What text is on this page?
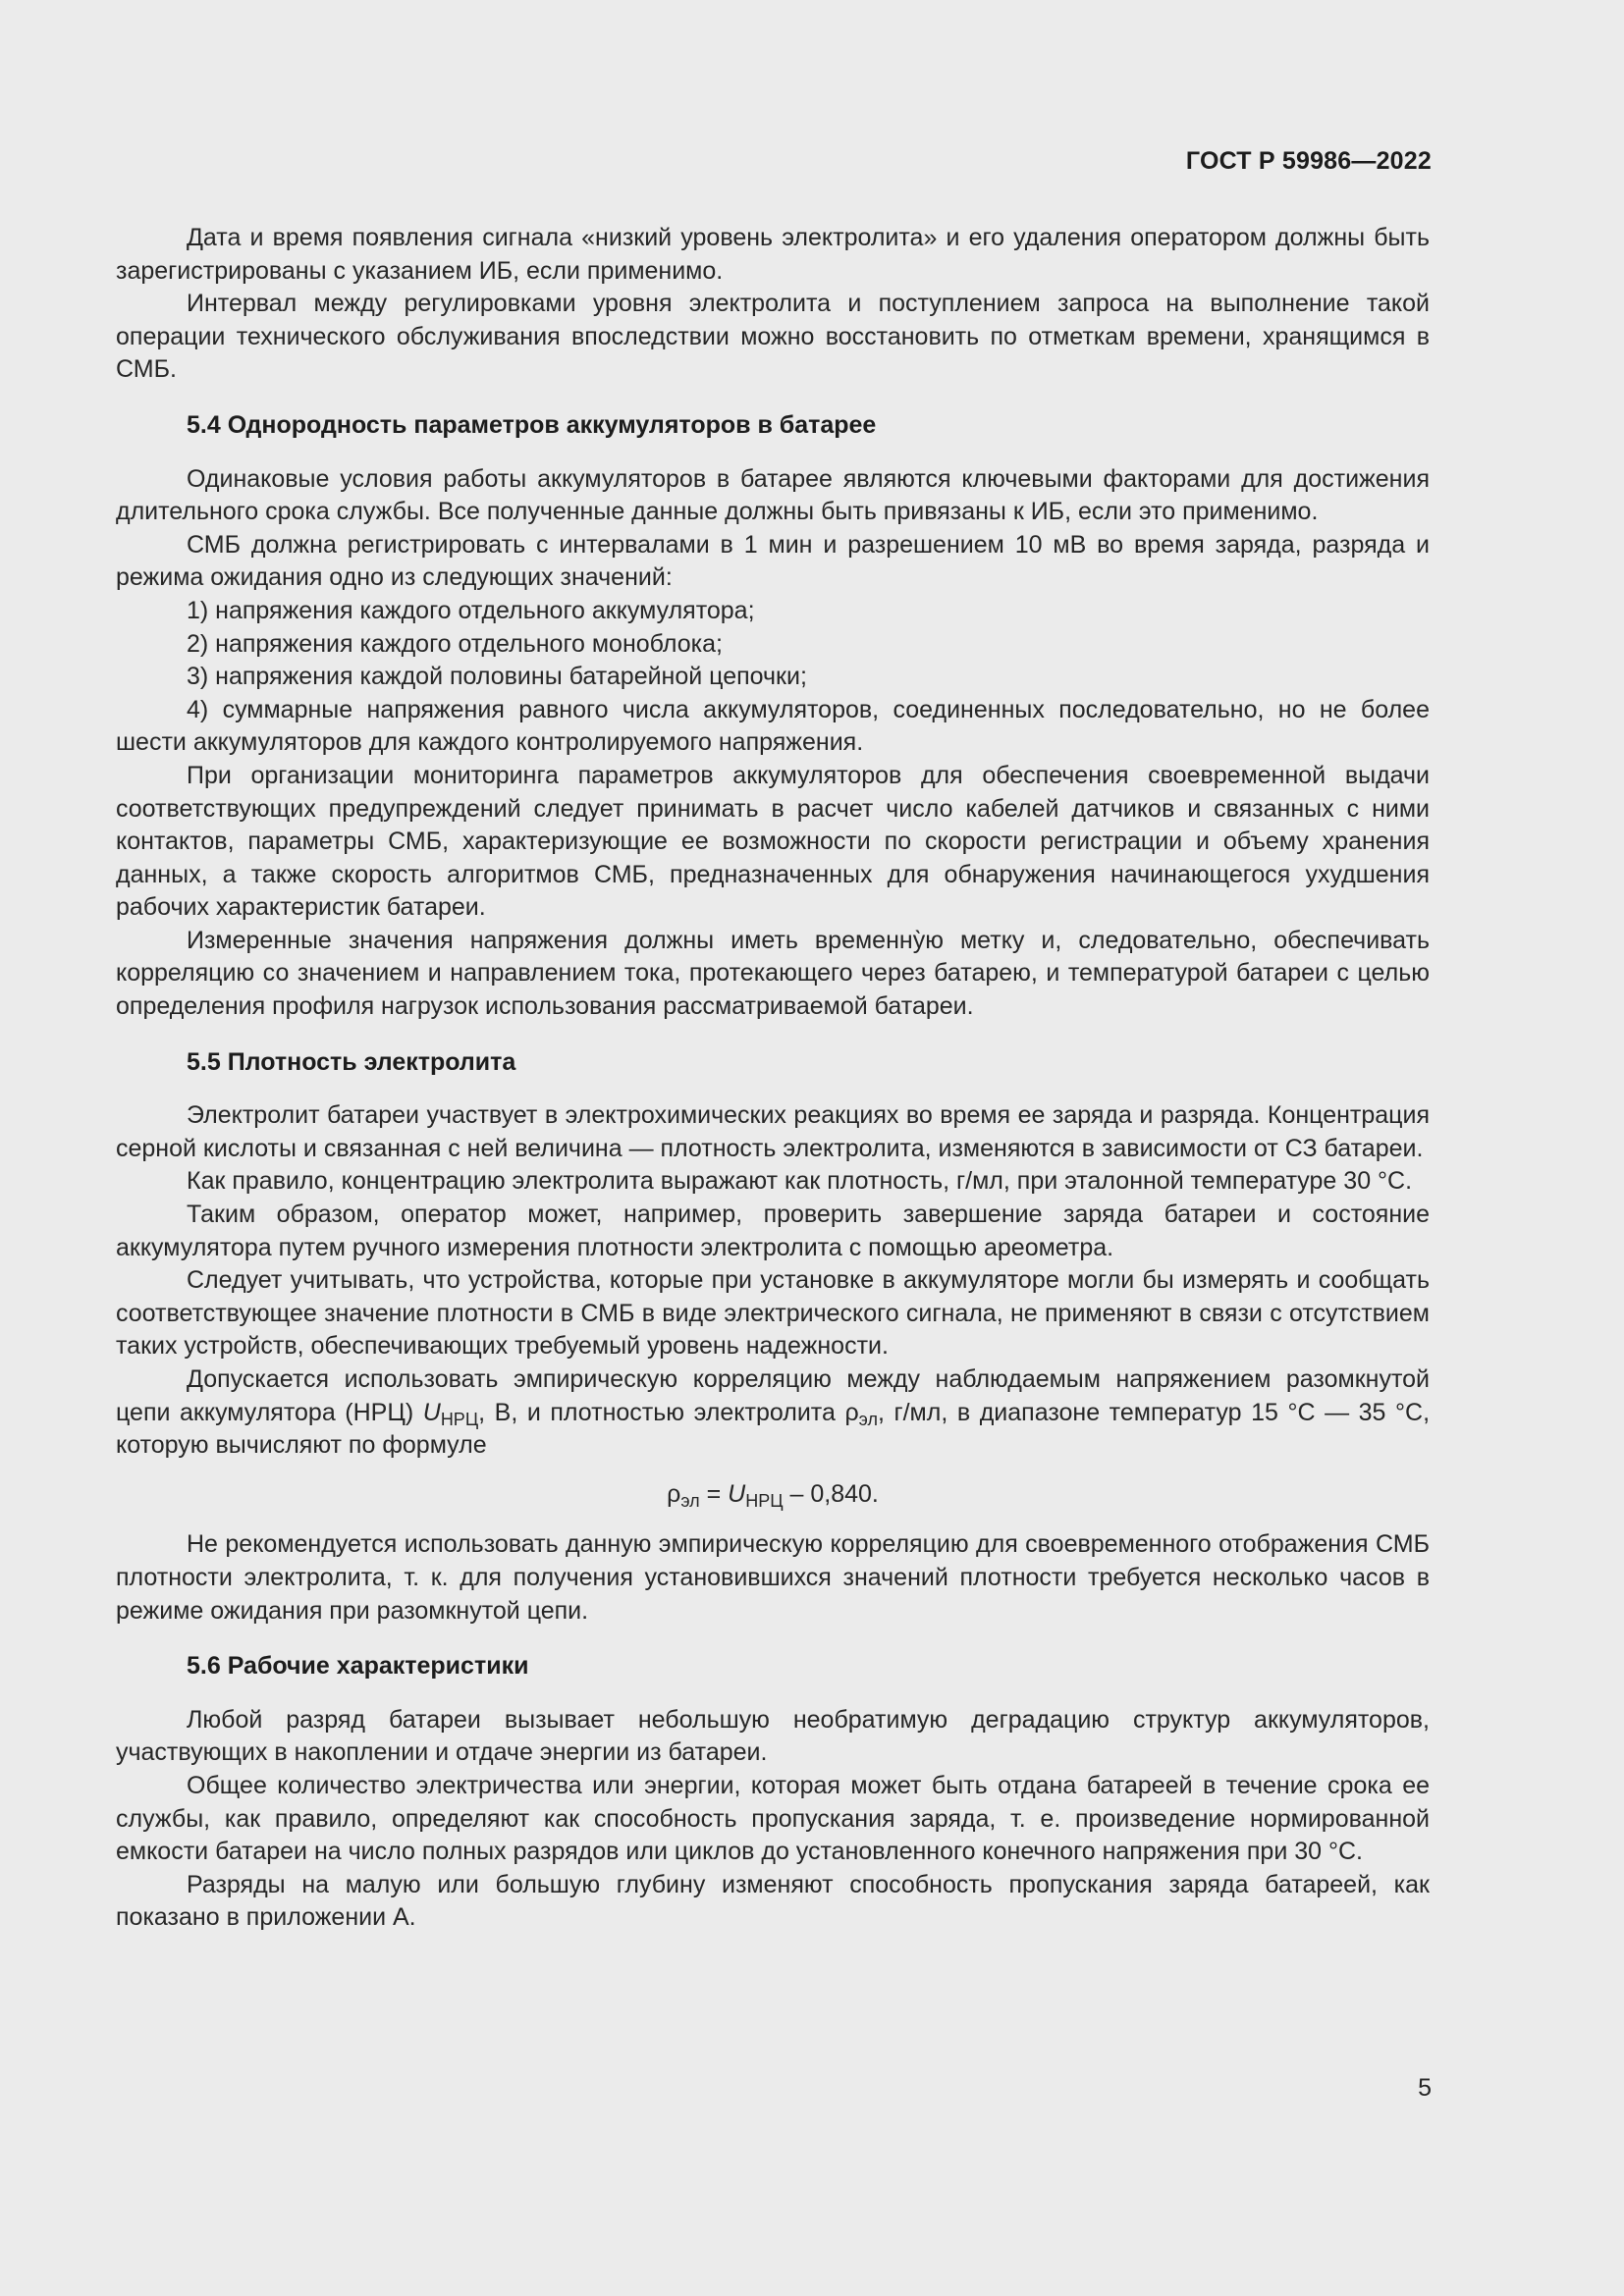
ГОСТ Р 59986—2022

Дата и время появления сигнала «низкий уровень электролита» и его удаления оператором должны быть зарегистрированы с указанием ИБ, если применимо.

Интервал между регулировками уровня электролита и поступлением запроса на выполнение такой операции технического обслуживания впоследствии можно восстановить по отметкам времени, хранящимся в СМБ.

5.4 Однородность параметров аккумуляторов в батарее

Одинаковые условия работы аккумуляторов в батарее являются ключевыми факторами для достижения длительного срока службы. Все полученные данные должны быть привязаны к ИБ, если это применимо.

СМБ должна регистрировать с интервалами в 1 мин и разрешением 10 мВ во время заряда, разряда и режима ожидания одно из следующих значений:

1) напряжения каждого отдельного аккумулятора;

2) напряжения каждого отдельного моноблока;

3) напряжения каждой половины батарейной цепочки;

4) суммарные напряжения равного числа аккумуляторов, соединенных последовательно, но не более шести аккумуляторов для каждого контролируемого напряжения.

При организации мониторинга параметров аккумуляторов для обеспечения своевременной выдачи соответствующих предупреждений следует принимать в расчет число кабелей датчиков и связанных с ними контактов, параметры СМБ, характеризующие ее возможности по скорости регистрации и объему хранения данных, а также скорость алгоритмов СМБ, предназначенных для обнаружения начинающегося ухудшения рабочих характеристик батареи.

Измеренные значения напряжения должны иметь временну̀ю метку и, следовательно, обеспечивать корреляцию со значением и направлением тока, протекающего через батарею, и температурой батареи с целью определения профиля нагрузок использования рассматриваемой батареи.

5.5 Плотность электролита

Электролит батареи участвует в электрохимических реакциях во время ее заряда и разряда. Концентрация серной кислоты и связанная с ней величина — плотность электролита, изменяются в зависимости от СЗ батареи.

Как правило, концентрацию электролита выражают как плотность, г/мл, при эталонной температуре 30 °С.

Таким образом, оператор может, например, проверить завершение заряда батареи и состояние аккумулятора путем ручного измерения плотности электролита с помощью ареометра.

Следует учитывать, что устройства, которые при установке в аккумуляторе могли бы измерять и сообщать соответствующее значение плотности в СМБ в виде электрического сигнала, не применяют в связи с отсутствием таких устройств, обеспечивающих требуемый уровень надежности.

Допускается использовать эмпирическую корреляцию между наблюдаемым напряжением разомкнутой цепи аккумулятора (НРЦ) $U_{НРЦ}$, В, и плотностью электролита $\rho_{эл}$, г/мл, в диапазоне температур 15 °С — 35 °С, которую вычисляют по формуле

$\rho_{эл} = U_{НРЦ} - 0,840$.

Не рекомендуется использовать данную эмпирическую корреляцию для своевременного отображения СМБ плотности электролита, т. к. для получения установившихся значений плотности требуется несколько часов в режиме ожидания при разомкнутой цепи.

5.6 Рабочие характеристики

Любой разряд батареи вызывает небольшую необратимую деградацию структур аккумуляторов, участвующих в накоплении и отдаче энергии из батареи.

Общее количество электричества или энергии, которая может быть отдана батареей в течение срока ее службы, как правило, определяют как способность пропускания заряда, т. е. произведение нормированной емкости батареи на число полных разрядов или циклов до установленного конечного напряжения при 30 °С.

Разряды на малую или большую глубину изменяют способность пропускания заряда батареей, как показано в приложении А.

5
